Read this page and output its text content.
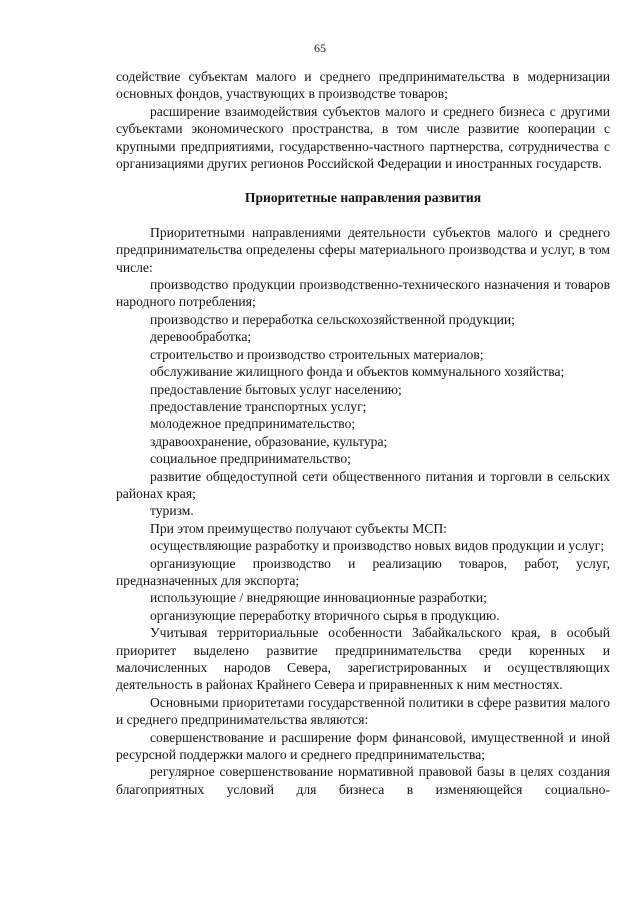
65

содействие субъектам малого и среднего предпринимательства в модернизации основных фондов, участвующих в производстве товаров;

расширение взаимодействия субъектов малого и среднего бизнеса с другими субъектами экономического пространства, в том числе развитие кооперации с крупными предприятиями, государственно-частного партнерства, сотрудничества с организациями других регионов Российской Федерации и иностранных государств.

Приоритетные направления развития

Приоритетными направлениями деятельности субъектов малого и среднего предпринимательства определены сферы материального производства и услуг, в том числе:

производство продукции производственно-технического назначения и товаров народного потребления;

производство и переработка сельскохозяйственной продукции;

деревообработка;

строительство и производство строительных материалов;

обслуживание жилищного фонда и объектов коммунального хозяйства;

предоставление бытовых услуг населению;

предоставление транспортных услуг;

молодежное предпринимательство;

здравоохранение, образование, культура;

социальное предпринимательство;

развитие общедоступной сети общественного питания и торговли в сельских районах края;

туризм.

При этом преимущество получают субъекты МСП:

осуществляющие разработку и производство новых видов продукции и услуг;

организующие производство и реализацию товаров, работ, услуг, предназначенных для экспорта;

использующие / внедряющие инновационные разработки;

организующие переработку вторичного сырья в продукцию.

Учитывая территориальные особенности Забайкальского края, в особый приоритет выделено развитие предпринимательства среди коренных и малочисленных народов Севера, зарегистрированных и осуществляющих деятельность в районах Крайнего Севера и приравненных к ним местностях.

Основными приоритетами государственной политики в сфере развития малого и среднего предпринимательства являются:

совершенствование и расширение форм финансовой, имущественной и иной ресурсной поддержки малого и среднего предпринимательства;

регулярное совершенствование нормативной правовой базы в целях создания благоприятных условий для бизнеса в изменяющейся социально-
